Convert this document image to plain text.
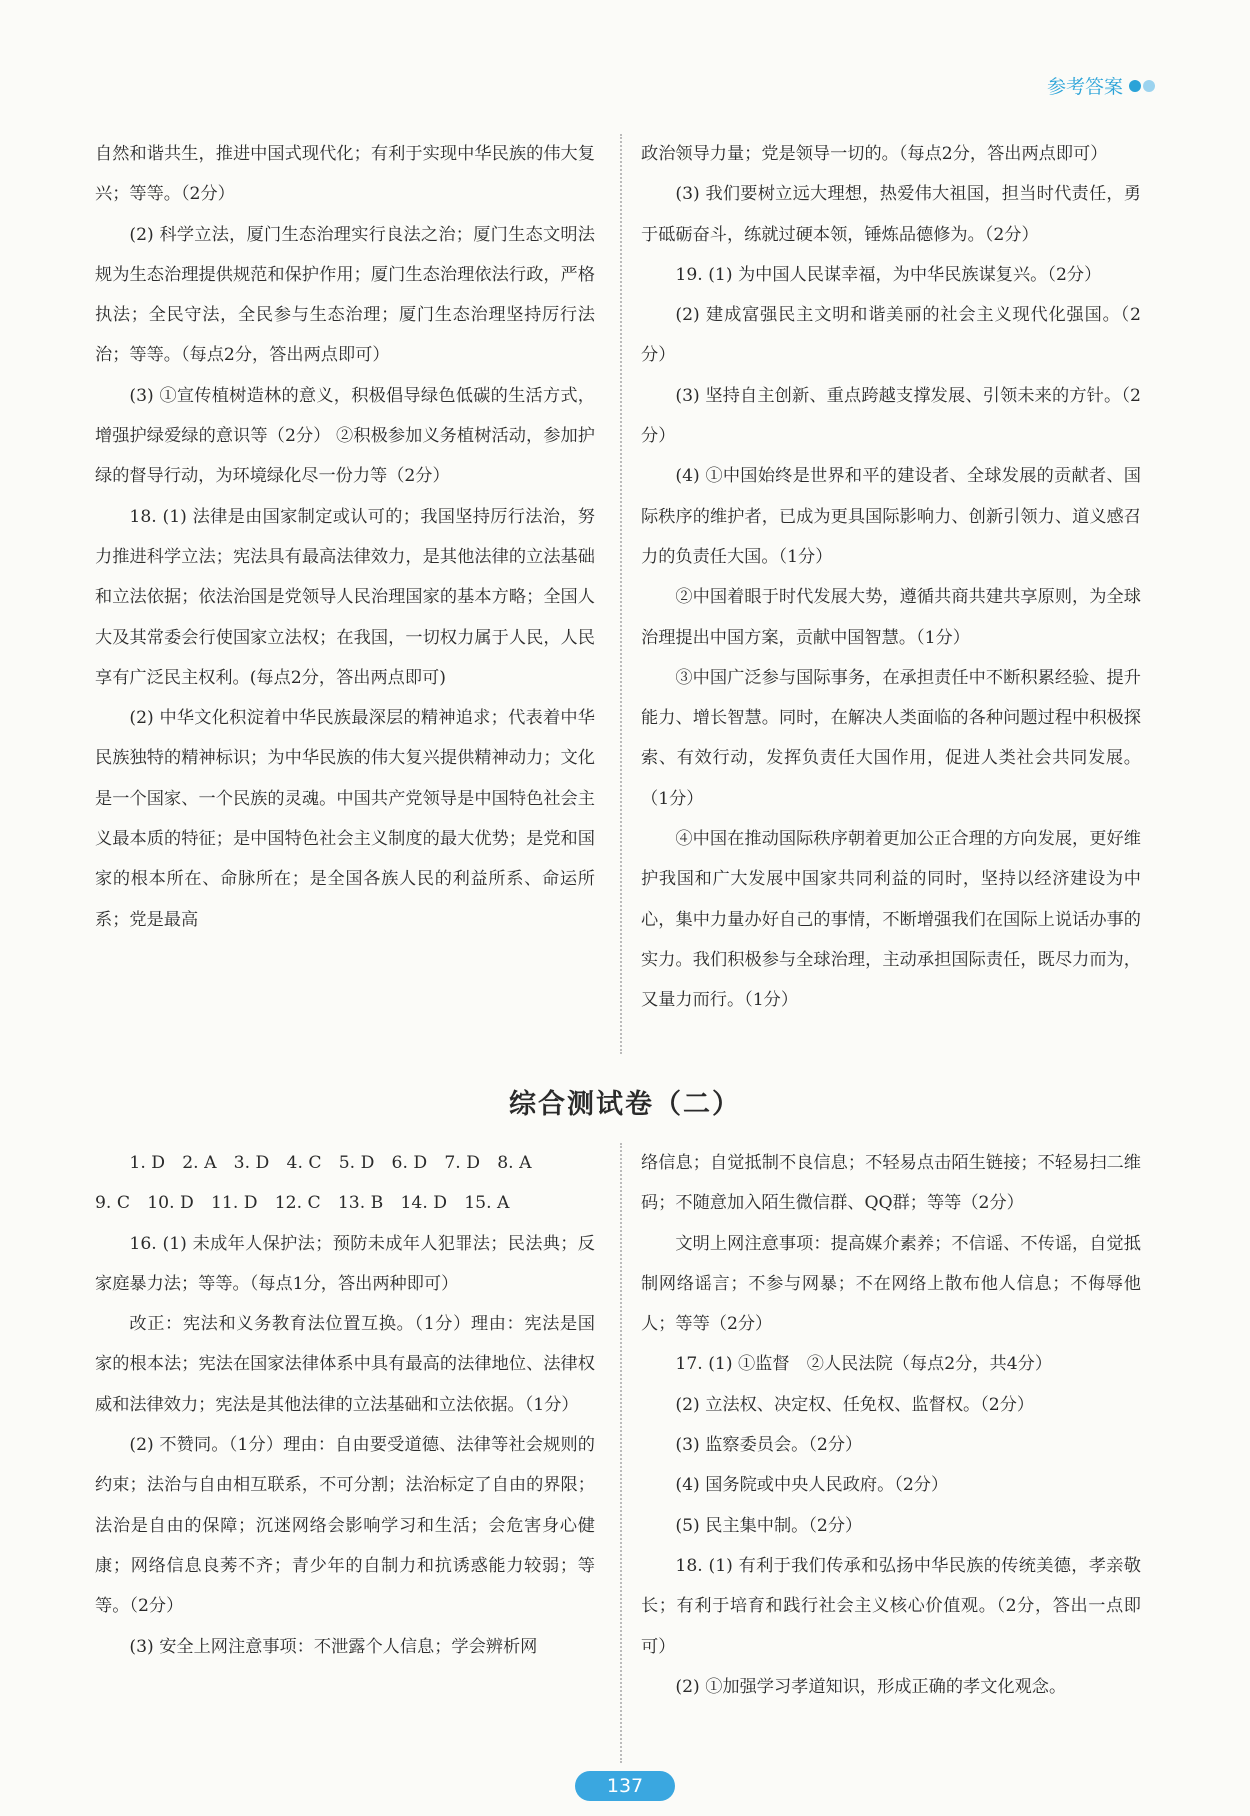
参考答案

自然和谐共生，推进中国式现代化；有利于实现中华民族的伟大复兴；等等。（2分）

(2) 科学立法，厦门生态治理实行良法之治；厦门生态文明法规为生态治理提供规范和保护作用；厦门生态治理依法行政，严格执法；全民守法，全民参与生态治理；厦门生态治理坚持厉行法治；等等。（每点2分，答出两点即可）

(3) ①宣传植树造林的意义，积极倡导绿色低碳的生活方式，增强护绿爱绿的意识等（2分） ②积极参加义务植树活动，参加护绿的督导行动，为环境绿化尽一份力等（2分）

18. (1) 法律是由国家制定或认可的；我国坚持厉行法治，努力推进科学立法；宪法具有最高法律效力，是其他法律的立法基础和立法依据；依法治国是党领导人民治理国家的基本方略；全国人大及其常委会行使国家立法权；在我国，一切权力属于人民，人民享有广泛民主权利。(每点2分，答出两点即可)

(2) 中华文化积淀着中华民族最深层的精神追求；代表着中华民族独特的精神标识；为中华民族的伟大复兴提供精神动力；文化是一个国家、一个民族的灵魂。中国共产党领导是中国特色社会主义最本质的特征；是中国特色社会主义制度的最大优势；是党和国家的根本所在、命脉所在；是全国各族人民的利益所系、命运所系；党是最高

政治领导力量；党是领导一切的。（每点2分，答出两点即可）

(3) 我们要树立远大理想，热爱伟大祖国，担当时代责任，勇于砥砺奋斗，练就过硬本领，锤炼品德修为。（2分）

19. (1) 为中国人民谋幸福，为中华民族谋复兴。（2分）

(2) 建成富强民主文明和谐美丽的社会主义现代化强国。（2分）

(3) 坚持自主创新、重点跨越支撑发展、引领未来的方针。（2分）

(4) ①中国始终是世界和平的建设者、全球发展的贡献者、国际秩序的维护者，已成为更具国际影响力、创新引领力、道义感召力的负责任大国。（1分）

②中国着眼于时代发展大势，遵循共商共建共享原则，为全球治理提出中国方案，贡献中国智慧。（1分）

③中国广泛参与国际事务，在承担责任中不断积累经验、提升能力、增长智慧。同时，在解决人类面临的各种问题过程中积极探索、有效行动，发挥负责任大国作用，促进人类社会共同发展。（1分）

④中国在推动国际秩序朝着更加公正合理的方向发展，更好维护我国和广大发展中国家共同利益的同时，坚持以经济建设为中心，集中力量办好自己的事情，不断增强我们在国际上说话办事的实力。我们积极参与全球治理，主动承担国际责任，既尽力而为，又量力而行。（1分）

综合测试卷（二）

1. D　2. A　3. D　4. C　5. D　6. D　7. D　8. A

9. C　10. D　11. D　12. C　13. B　14. D　15. A

16. (1) 未成年人保护法；预防未成年人犯罪法；民法典；反家庭暴力法；等等。（每点1分，答出两种即可）

改正：宪法和义务教育法位置互换。（1分）理由：宪法是国家的根本法；宪法在国家法律体系中具有最高的法律地位、法律权威和法律效力；宪法是其他法律的立法基础和立法依据。（1分）

(2) 不赞同。（1分）理由：自由要受道德、法律等社会规则的约束；法治与自由相互联系，不可分割；法治标定了自由的界限；法治是自由的保障；沉迷网络会影响学习和生活；会危害身心健康；网络信息良莠不齐；青少年的自制力和抗诱惑能力较弱；等等。（2分）

(3) 安全上网注意事项：不泄露个人信息；学会辨析网

络信息；自觉抵制不良信息；不轻易点击陌生链接；不轻易扫二维码；不随意加入陌生微信群、QQ群；等等（2分）

文明上网注意事项：提高媒介素养；不信谣、不传谣，自觉抵制网络谣言；不参与网暴；不在网络上散布他人信息；不侮辱他人；等等（2分）

17. (1) ①监督　②人民法院（每点2分，共4分）

(2) 立法权、决定权、任免权、监督权。（2分）

(3) 监察委员会。（2分）

(4) 国务院或中央人民政府。（2分）

(5) 民主集中制。（2分）

18. (1) 有利于我们传承和弘扬中华民族的传统美德，孝亲敬长；有利于培育和践行社会主义核心价值观。（2分，答出一点即可）

(2) ①加强学习孝道知识，形成正确的孝文化观念。

137
